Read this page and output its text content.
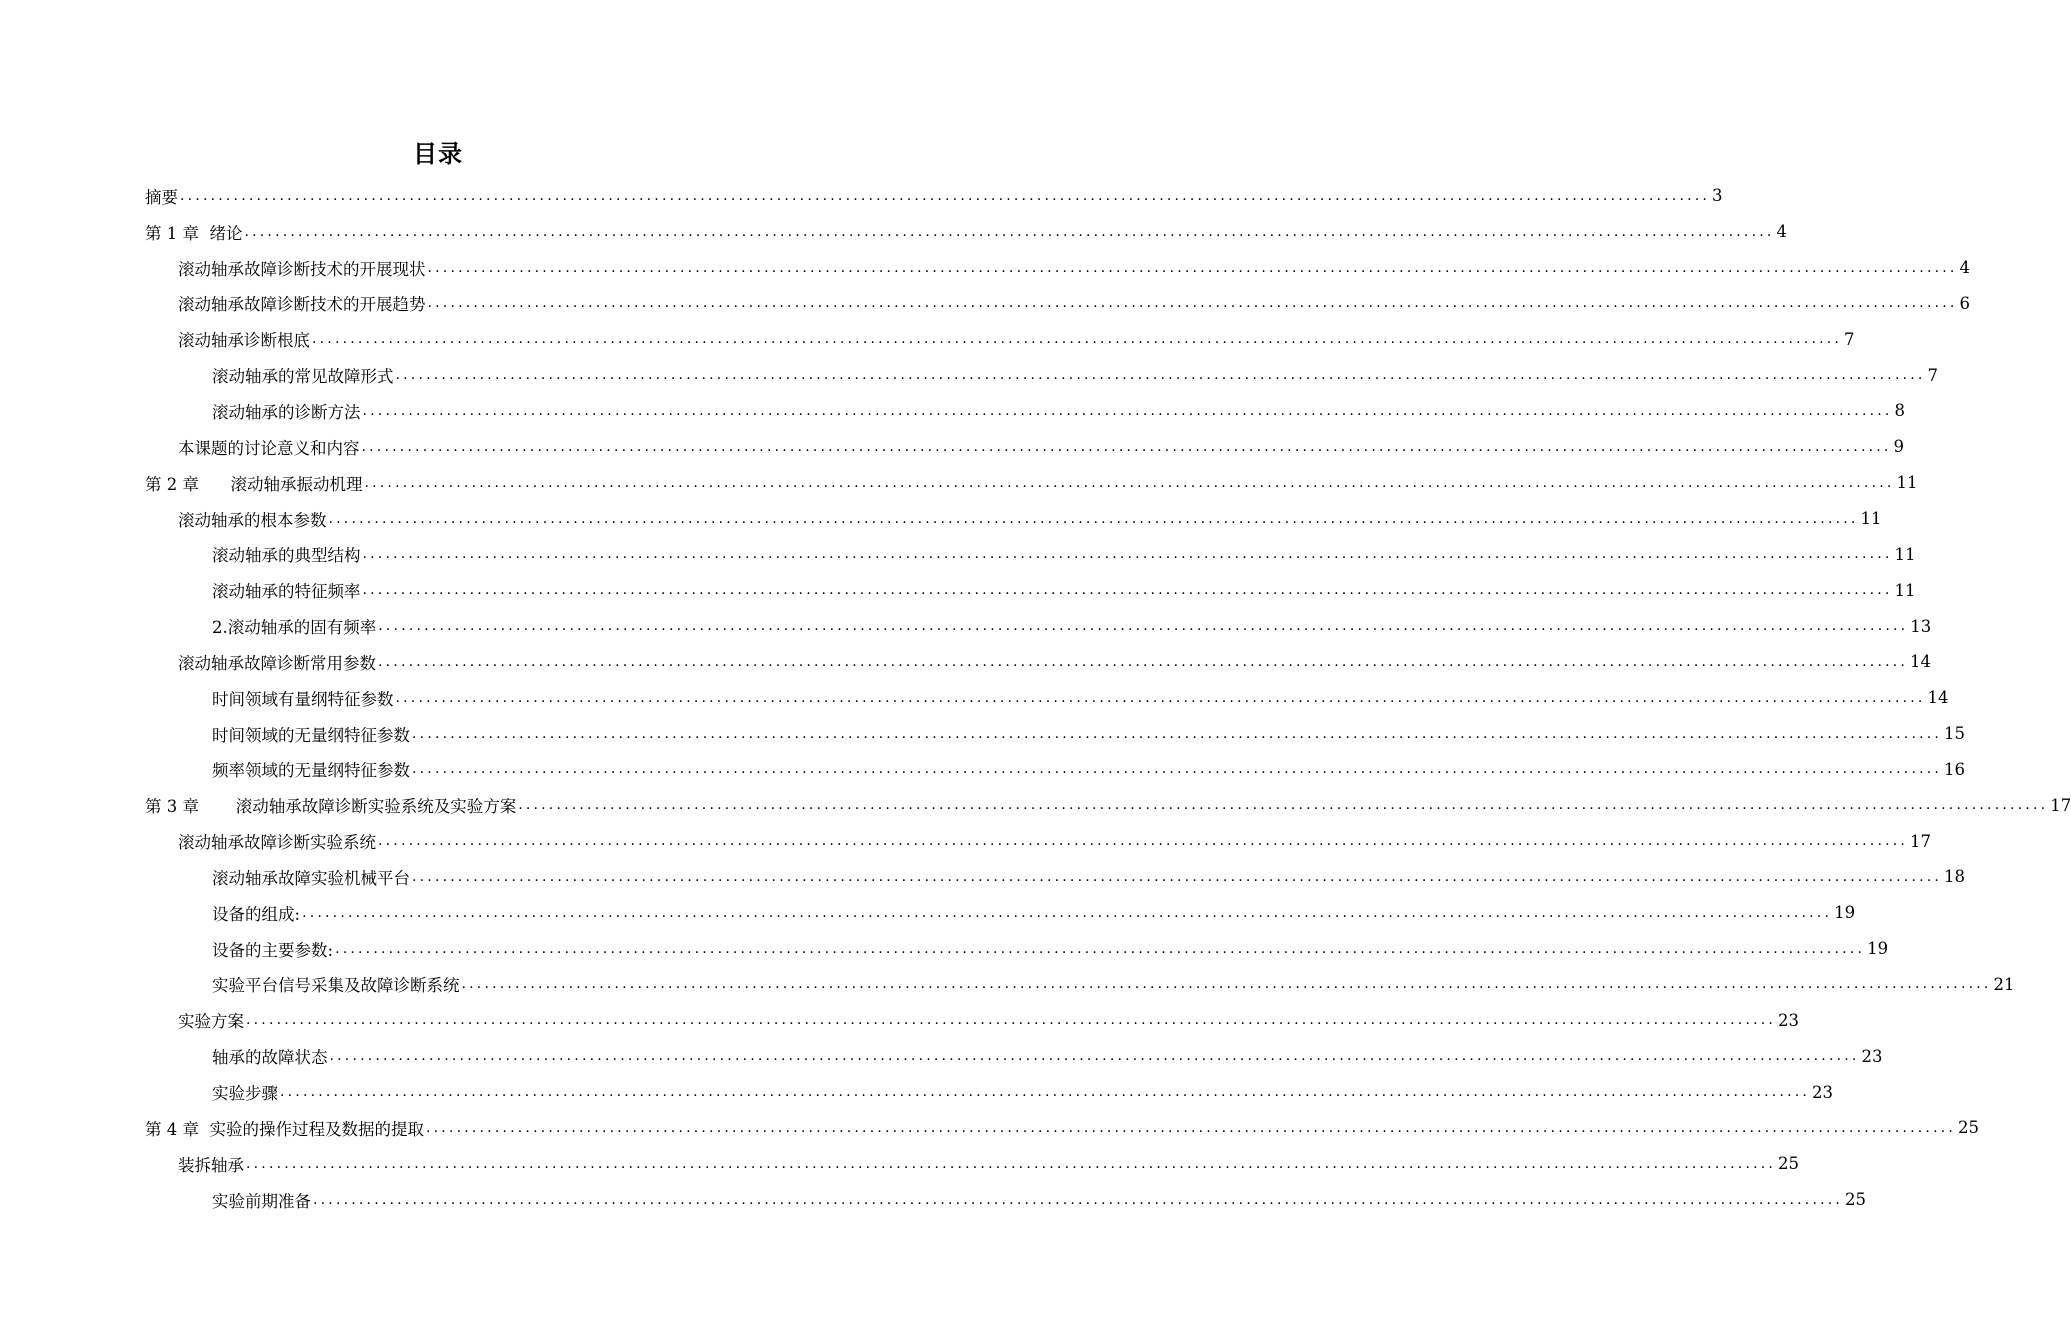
目录
摘要 ........................................................................................................................................................................................................ 3
第 1 章  绪论 ........................................................................................................................................................................................................ 4
滚动轴承故障诊断技术的开展现状 ........................................................................................................................................................................................................ 4
滚动轴承故障诊断技术的开展趋势 ........................................................................................................................................................................................................ 6
滚动轴承诊断根底 ........................................................................................................................................................................................................ 7
滚动轴承的常见故障形式 ........................................................................................................................................................................................................ 7
滚动轴承的诊断方法 ........................................................................................................................................................................................................ 8
本课题的讨论意义和内容 ........................................................................................................................................................................................................ 9
第 2 章      滚动轴承振动机理 ........................................................................................................................................................................................................ 11
滚动轴承的根本参数 ........................................................................................................................................................................................................ 11
滚动轴承的典型结构 ........................................................................................................................................................................................................ 11
滚动轴承的特征频率 ........................................................................................................................................................................................................ 11
2.滚动轴承的固有频率 ........................................................................................................................................................................................................ 13
滚动轴承故障诊断常用参数 ........................................................................................................................................................................................................ 14
时间领域有量纲特征参数 ........................................................................................................................................................................................................ 14
时间领域的无量纲特征参数 ........................................................................................................................................................................................................ 15
频率领域的无量纲特征参数 ........................................................................................................................................................................................................ 16
第 3 章       滚动轴承故障诊断实验系统及实验方案 ........................................................................................................................................................................................................ 17
滚动轴承故障诊断实验系统 ........................................................................................................................................................................................................ 17
滚动轴承故障实验机械平台 ........................................................................................................................................................................................................ 18
设备的组成: ........................................................................................................................................................................................................ 19
设备的主要参数: ........................................................................................................................................................................................................ 19
实验平台信号采集及故障诊断系统 ........................................................................................................................................................................................................ 21
实验方案 ........................................................................................................................................................................................................ 23
轴承的故障状态 ........................................................................................................................................................................................................ 23
实验步骤 ........................................................................................................................................................................................................ 23
第 4 章  实验的操作过程及数据的提取 ........................................................................................................................................................................................................ 25
装拆轴承 ........................................................................................................................................................................................................ 25
实验前期准备 ........................................................................................................................................................................................................ 25
